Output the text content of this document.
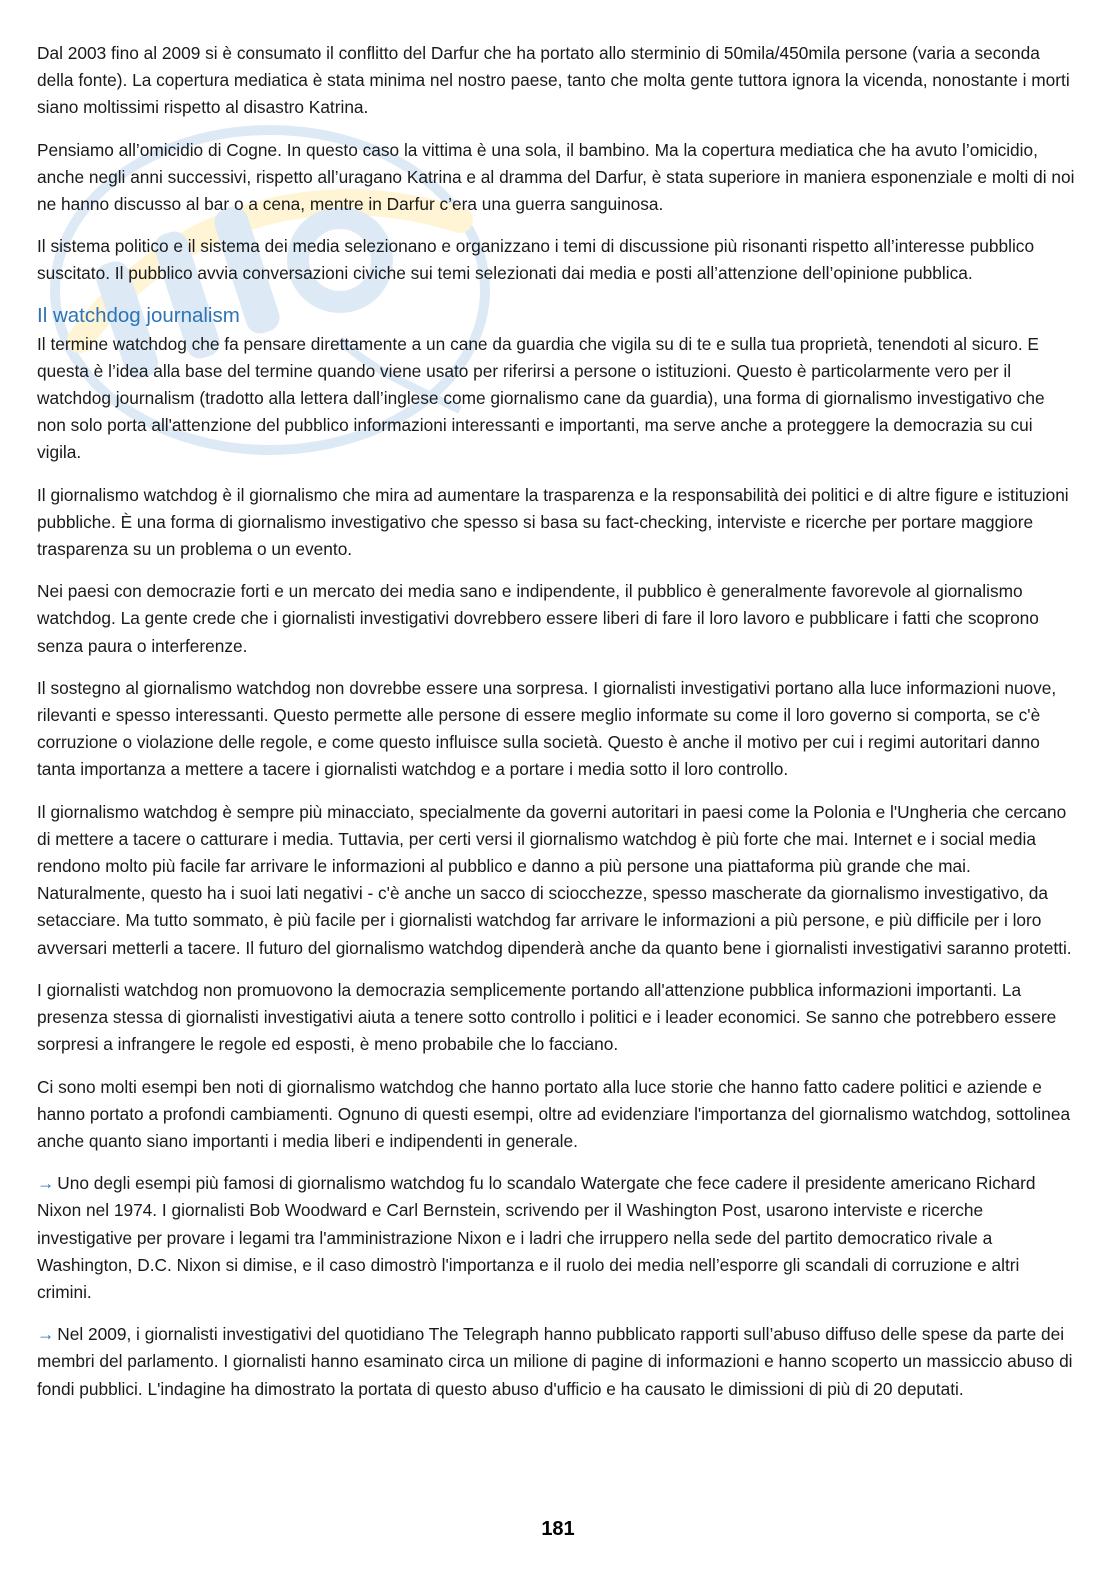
Dal 2003 fino al 2009 si è consumato il conflitto del Darfur che ha portato allo sterminio di 50mila/450mila persone (varia a seconda della fonte). La copertura mediatica è stata minima nel nostro paese, tanto che molta gente tuttora ignora la vicenda, nonostante i morti siano moltissimi rispetto al disastro Katrina.

Pensiamo all’omicidio di Cogne. In questo caso la vittima è una sola, il bambino. Ma la copertura mediatica che ha avuto l’omicidio, anche negli anni successivi, rispetto all’uragano Katrina e al dramma del Darfur, è stata superiore in maniera esponenziale e molti di noi ne hanno discusso al bar o a cena, mentre in Darfur c’era una guerra sanguinosa.

Il sistema politico e il sistema dei media selezionano e organizzano i temi di discussione più risonanti rispetto all’interesse pubblico suscitato. Il pubblico avvia conversazioni civiche sui temi selezionati dai media e posti all’attenzione dell’opinione pubblica.

Il watchdog journalism

Il termine watchdog che fa pensare direttamente a un cane da guardia che vigila su di te e sulla tua proprietà, tenendoti al sicuro. E questa è l’idea alla base del termine quando viene usato per riferirsi a persone o istituzioni. Questo è particolarmente vero per il watchdog journalism (tradotto alla lettera dall’inglese come giornalismo cane da guardia), una forma di giornalismo investigativo che non solo porta all'attenzione del pubblico informazioni interessanti e importanti, ma serve anche a proteggere la democrazia su cui vigila.

Il giornalismo watchdog è il giornalismo che mira ad aumentare la trasparenza e la responsabilità dei politici e di altre figure e istituzioni pubbliche. È una forma di giornalismo investigativo che spesso si basa su fact-checking, interviste e ricerche per portare maggiore trasparenza su un problema o un evento.

Nei paesi con democrazie forti e un mercato dei media sano e indipendente, il pubblico è generalmente favorevole al giornalismo watchdog. La gente crede che i giornalisti investigativi dovrebbero essere liberi di fare il loro lavoro e pubblicare i fatti che scoprono senza paura o interferenze.

Il sostegno al giornalismo watchdog non dovrebbe essere una sorpresa. I giornalisti investigativi portano alla luce informazioni nuove, rilevanti e spesso interessanti. Questo permette alle persone di essere meglio informate su come il loro governo si comporta, se c'è corruzione o violazione delle regole, e come questo influisce sulla società. Questo è anche il motivo per cui i regimi autoritari danno tanta importanza a mettere a tacere i giornalisti watchdog e a portare i media sotto il loro controllo.

Il giornalismo watchdog è sempre più minacciato, specialmente da governi autoritari in paesi come la Polonia e l'Ungheria che cercano di mettere a tacere o catturare i media. Tuttavia, per certi versi il giornalismo watchdog è più forte che mai. Internet e i social media rendono molto più facile far arrivare le informazioni al pubblico e danno a più persone una piattaforma più grande che mai. Naturalmente, questo ha i suoi lati negativi - c'è anche un sacco di sciocchezze, spesso mascherate da giornalismo investigativo, da setacciare. Ma tutto sommato, è più facile per i giornalisti watchdog far arrivare le informazioni a più persone, e più difficile per i loro avversari metterli a tacere. Il futuro del giornalismo watchdog dipenderà anche da quanto bene i giornalisti investigativi saranno protetti.

I giornalisti watchdog non promuovono la democrazia semplicemente portando all'attenzione pubblica informazioni importanti. La presenza stessa di giornalisti investigativi aiuta a tenere sotto controllo i politici e i leader economici. Se sanno che potrebbero essere sorpresi a infrangere le regole ed esposti, è meno probabile che lo facciano.

Ci sono molti esempi ben noti di giornalismo watchdog che hanno portato alla luce storie che hanno fatto cadere politici e aziende e hanno portato a profondi cambiamenti. Ognuno di questi esempi, oltre ad evidenziare l'importanza del giornalismo watchdog, sottolinea anche quanto siano importanti i media liberi e indipendenti in generale.

→ Uno degli esempi più famosi di giornalismo watchdog fu lo scandalo Watergate che fece cadere il presidente americano Richard Nixon nel 1974. I giornalisti Bob Woodward e Carl Bernstein, scrivendo per il Washington Post, usarono interviste e ricerche investigative per provare i legami tra l'amministrazione Nixon e i ladri che irruppero nella sede del partito democratico rivale a Washington, D.C. Nixon si dimise, e il caso dimostrò l'importanza e il ruolo dei media nell’esporre gli scandali di corruzione e altri crimini.

→ Nel 2009, i giornalisti investigativi del quotidiano The Telegraph hanno pubblicato rapporti sull’abuso diffuso delle spese da parte dei membri del parlamento. I giornalisti hanno esaminato circa un milione di pagine di informazioni e hanno scoperto un massiccio abuso di fondi pubblici. L'indagine ha dimostrato la portata di questo abuso d'ufficio e ha causato le dimissioni di più di 20 deputati.

181
